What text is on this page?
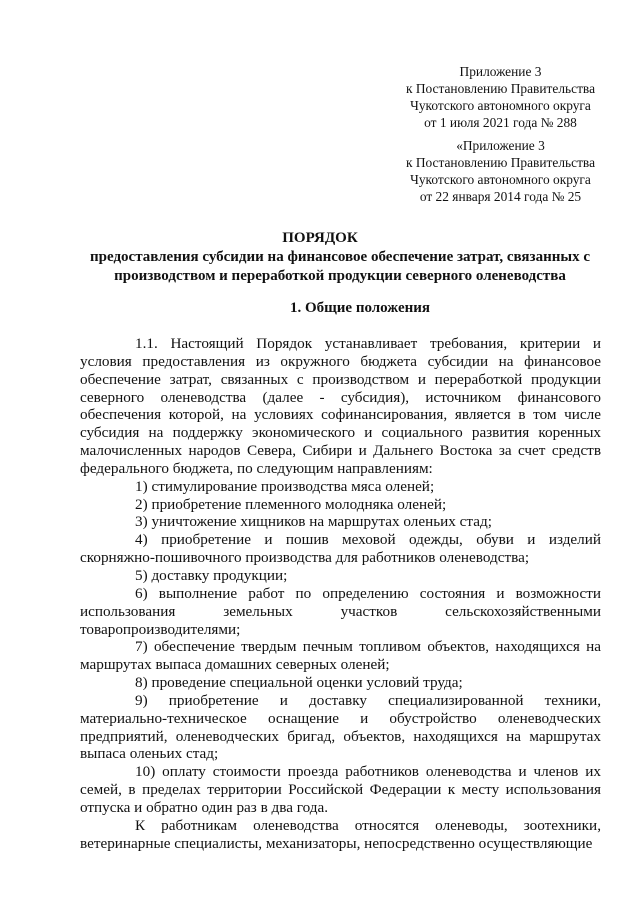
Приложение 3
к Постановлению Правительства
Чукотского автономного округа
от 1 июля 2021 года № 288
«Приложение 3
к Постановлению Правительства
Чукотского автономного округа
от 22 января 2014 года № 25
ПОРЯДОК
предоставления субсидии на финансовое обеспечение затрат, связанных с производством и переработкой продукции северного оленеводства
1. Общие положения

1.1. Настоящий Порядок устанавливает требования, критерии и условия предоставления из окружного бюджета субсидии на финансовое обеспечение затрат, связанных с производством и переработкой продукции северного оленеводства (далее - субсидия), источником финансового обеспечения которой, на условиях софинансирования, является в том числе субсидия на поддержку экономического и социального развития коренных малочисленных народов Севера, Сибири и Дальнего Востока за счет средств федерального бюджета, по следующим направлениям:

1) стимулирование производства мяса оленей;

2) приобретение племенного молодняка оленей;

3) уничтожение хищников на маршрутах оленьих стад;

4) приобретение и пошив меховой одежды, обуви и изделий скорняжно-пошивочного производства для работников оленеводства;

5) доставку продукции;

6) выполнение работ по определению состояния и возможности использования земельных участков сельскохозяйственными товаропроизводителями;

7) обеспечение твердым печным топливом объектов, находящихся на маршрутах выпаса домашних северных оленей;

8) проведение специальной оценки условий труда;

9) приобретение и доставку специализированной техники, материально-техническое оснащение и обустройство оленеводческих предприятий, оленеводческих бригад, объектов, находящихся на маршрутах выпаса оленьих стад;

10) оплату стоимости проезда работников оленеводства и членов их семей, в пределах территории Российской Федерации к месту использования отпуска и обратно один раз в два года.

К работникам оленеводства относятся оленеводы, зоотехники, ветеринарные специалисты, механизаторы, непосредственно осуществляющие
